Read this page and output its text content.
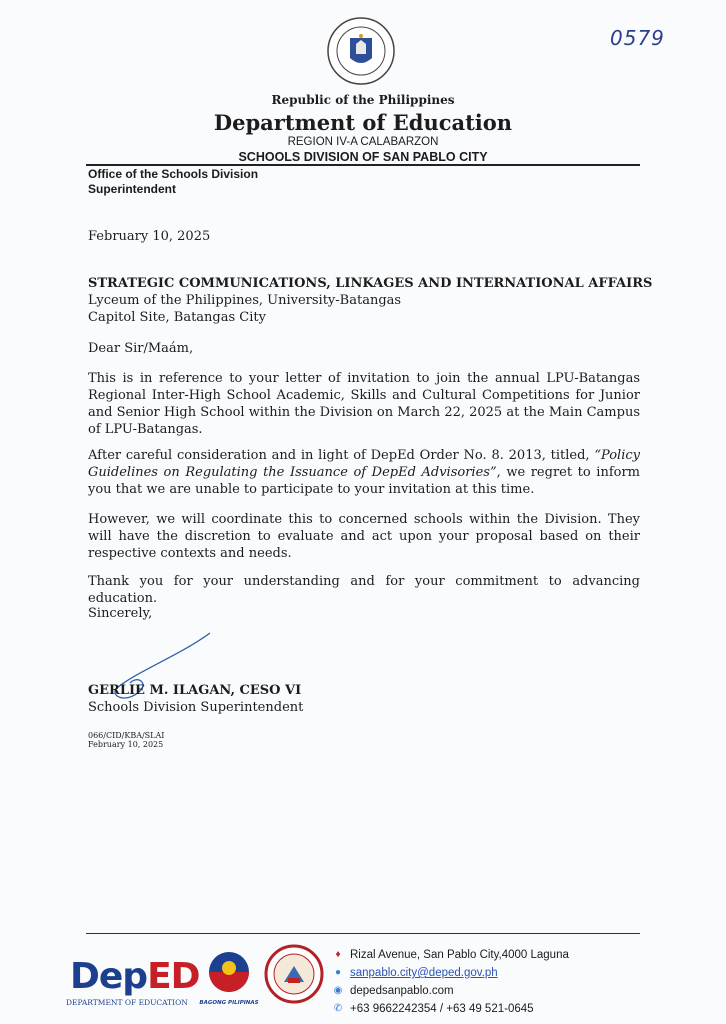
0579
Republic of the Philippines
Department of Education
REGION IV-A CALABARZON
SCHOOLS DIVISION OF SAN PABLO CITY
Office of the Schools Division Superintendent
February 10, 2025
STRATEGIC COMMUNICATIONS, LINKAGES AND INTERNATIONAL AFFAIRS
Lyceum of the Philippines, University-Batangas
Capitol Site, Batangas City
Dear Sir/Maám,
This is in reference to your letter of invitation to join the annual LPU-Batangas Regional Inter-High School Academic, Skills and Cultural Competitions for Junior and Senior High School within the Division on March 22, 2025 at the Main Campus of LPU-Batangas.
After careful consideration and in light of DepEd Order No. 8. 2013, titled, “Policy Guidelines on Regulating the Issuance of DepEd Advisories”, we regret to inform you that we are unable to participate to your invitation at this time.
However, we will coordinate this to concerned schools within the Division. They will have the discretion to evaluate and act upon your proposal based on their respective contexts and needs.
Thank you for your understanding and for your commitment to advancing education.
Sincerely,
GERLIE M. ILAGAN, CESO VI
Schools Division Superintendent
066/CID/KBA/SLAI
February 10, 2025
DepED
DEPARTMENT OF EDUCATION	BAGONG PILIPINAS
♦ Rizal Avenue, San Pablo City,4000 Laguna
● sanpablo.city@deped.gov.ph
◉ depedsanpablo.com
✆ +63 9662242354 / +63 49 521-0645
